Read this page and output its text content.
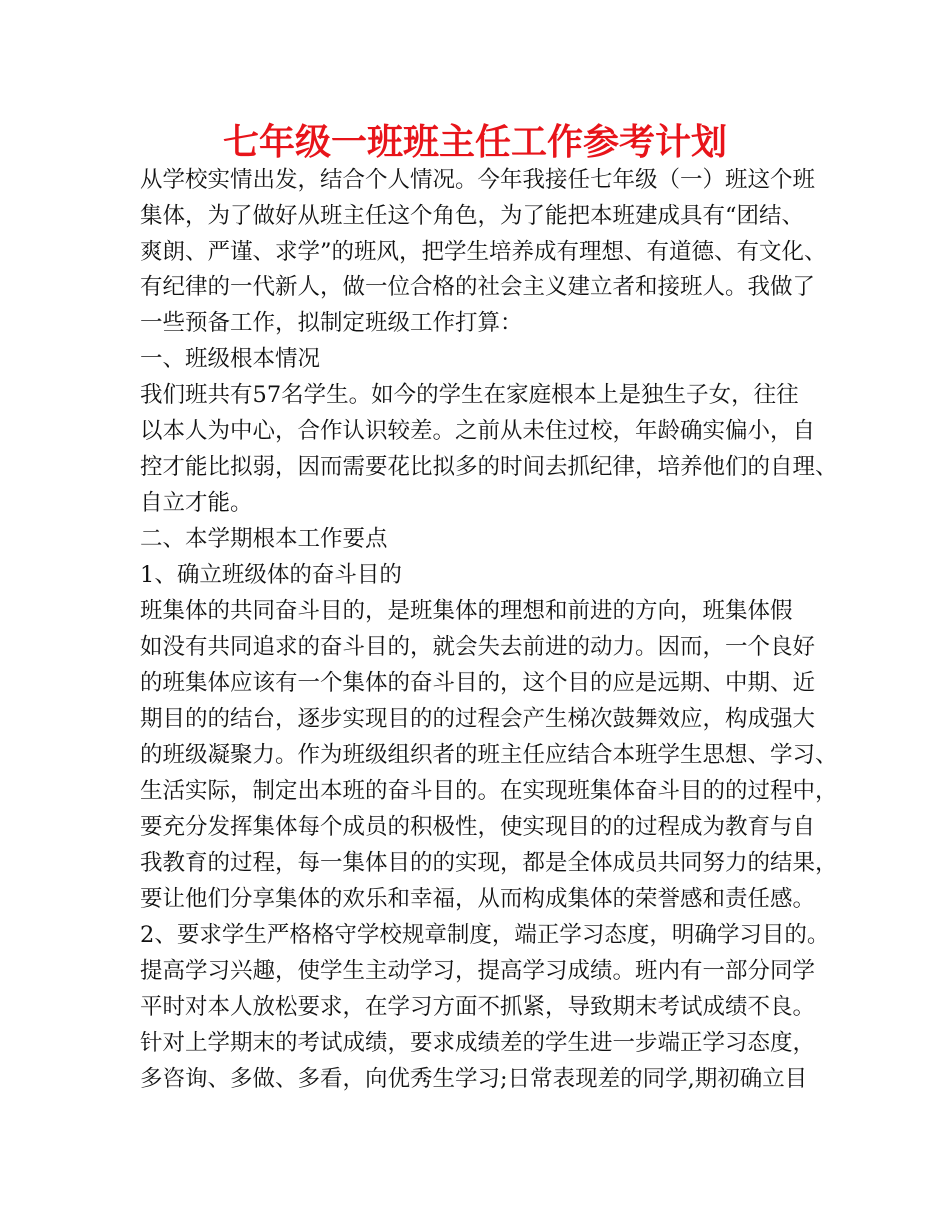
七年级一班班主任工作参考计划
从学校实情出发，结合个人情况。今年我接任七年级（一）班这个班
集体，为了做好从班主任这个角色，为了能把本班建成具有“团结、
爽朗、严谨、求学”的班风，把学生培养成有理想、有道德、有文化、
有纪律的一代新人，做一位合格的社会主义建立者和接班人。我做了
一些预备工作，拟制定班级工作打算：
一、班级根本情况
我们班共有57名学生。如今的学生在家庭根本上是独生子女，往往
以本人为中心，合作认识较差。之前从未住过校，年龄确实偏小，自
控才能比拟弱，因而需要花比拟多的时间去抓纪律，培养他们的自理、
自立才能。
二、本学期根本工作要点
1、确立班级体的奋斗目的
班集体的共同奋斗目的，是班集体的理想和前进的方向，班集体假
如没有共同追求的奋斗目的，就会失去前进的动力。因而，一个良好
的班集体应该有一个集体的奋斗目的，这个目的应是远期、中期、近
期目的的结台，逐步实现目的的过程会产生梯次鼓舞效应，构成强大
的班级凝聚力。作为班级组织者的班主任应结合本班学生思想、学习、
生活实际，制定出本班的奋斗目的。在实现班集体奋斗目的的过程中，
要充分发挥集体每个成员的积极性，使实现目的的过程成为教育与自
我教育的过程，每一集体目的的实现，都是全体成员共同努力的结果，
要让他们分享集体的欢乐和幸福，从而构成集体的荣誉感和责任感。
2、要求学生严格格守学校规章制度，端正学习态度，明确学习目的。
提高学习兴趣，使学生主动学习，提高学习成绩。班内有一部分同学
平时对本人放松要求，在学习方面不抓紧，导致期末考试成绩不良。
针对上学期末的考试成绩，要求成绩差的学生进一步端正学习态度，
多咨询、多做、多看，向优秀生学习;日常表现差的同学,期初确立目
